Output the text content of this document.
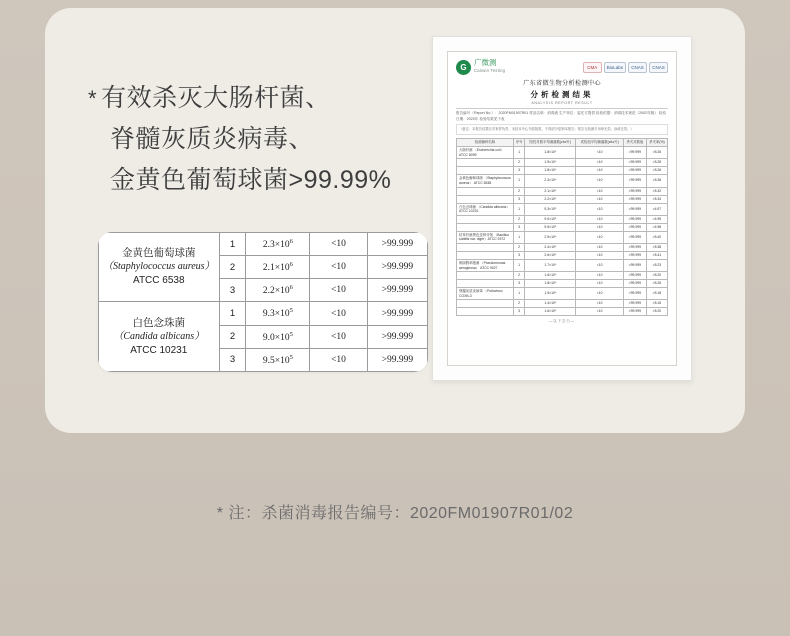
* 有效杀灭大肠杆菌、
脊髓灰质炎病毒、
金黄色葡萄球菌>99.99%
金黄色葡萄球菌
（Staphylococcus aureus）
ATCC 6538	1	$2.3\times 10^6$	<10	>99.999
	2	$2.1\times 10^6$	<10	>99.999
	3	$2.2\times 10^6$	<10	>99.999

白色念珠菌
（Candida albicans）
ATCC 10231	1	$9.3\times 10^5$	<10	>99.999
	2	$9.0\times 10^5$	<10	>99.999
	3	$9.5\times 10^5$	<10	>99.999
G 广微测
Canwin Testing
CMA	BioLabs	CNAS	CNAS
广东省微生物分析检测中心
分析检测结果
ANALYSIS REPORT RESULT
报告编号（Report No.）：2020FM01907R01 样品名称：消毒液 生产单位：委托方提供 检验依据：消毒技术规范（2002年版） 检验日期：2020年 检验结果见下表
（备注：本报告结果仅对来样负责，未经本中心书面批准，不得部分复制本报告；报告无检测专用章无效，涂改无效。）
检测菌种名称	序号	阳性对照平均菌落数(cfu/片)	试验组平均菌落数(cfu/片)	杀灭对数值	杀灭率(%)
大肠杆菌 （Escherichia coli） ATCC 8099	1	1.8×10⁶	<10	>99.999	>5.26
	2	1.9×10⁶	<10	>99.999	>5.28
	3	1.8×10⁶	<10	>99.999	>5.26
金黄色葡萄球菌 （Staphylococcus aureus） ATCC 6538	1	2.3×10⁶	<10	>99.999	>5.36
	2	2.1×10⁶	<10	>99.999	>5.32
	3	2.2×10⁶	<10	>99.999	>5.34
白色念珠菌 （Candida albicans） ATCC 10231	1	9.3×10⁵	<10	>99.999	>4.97
	2	9.0×10⁵	<10	>99.999	>4.95
	3	9.5×10⁵	<10	>99.999	>4.98
枯草杆菌黑色变种芽孢 （Bacillus subtilis var. niger）ATCC 9372	1	2.5×10⁶	<10	>99.999	>5.40
	2	2.4×10⁶	<10	>99.999	>5.38
	3	2.6×10⁶	<10	>99.999	>5.41
铜绿假单胞菌 （Pseudomonas aeruginosa） ATCC 9027	1	1.7×10⁶	<10	>99.999	>5.23
	2	1.6×10⁶	<10	>99.999	>5.20
	3	1.8×10⁶	<10	>99.999	>5.26
脊髓灰质炎病毒 （Poliovirus） COXB-3	1	1.5×10⁶	<10	>99.999	>5.18
	2	1.4×10⁶	<10	>99.999	>5.15
	3	1.6×10⁶	<10	>99.999	>5.20
—以下空白—
* 注：杀菌消毒报告编号：2020FM01907R01/02
